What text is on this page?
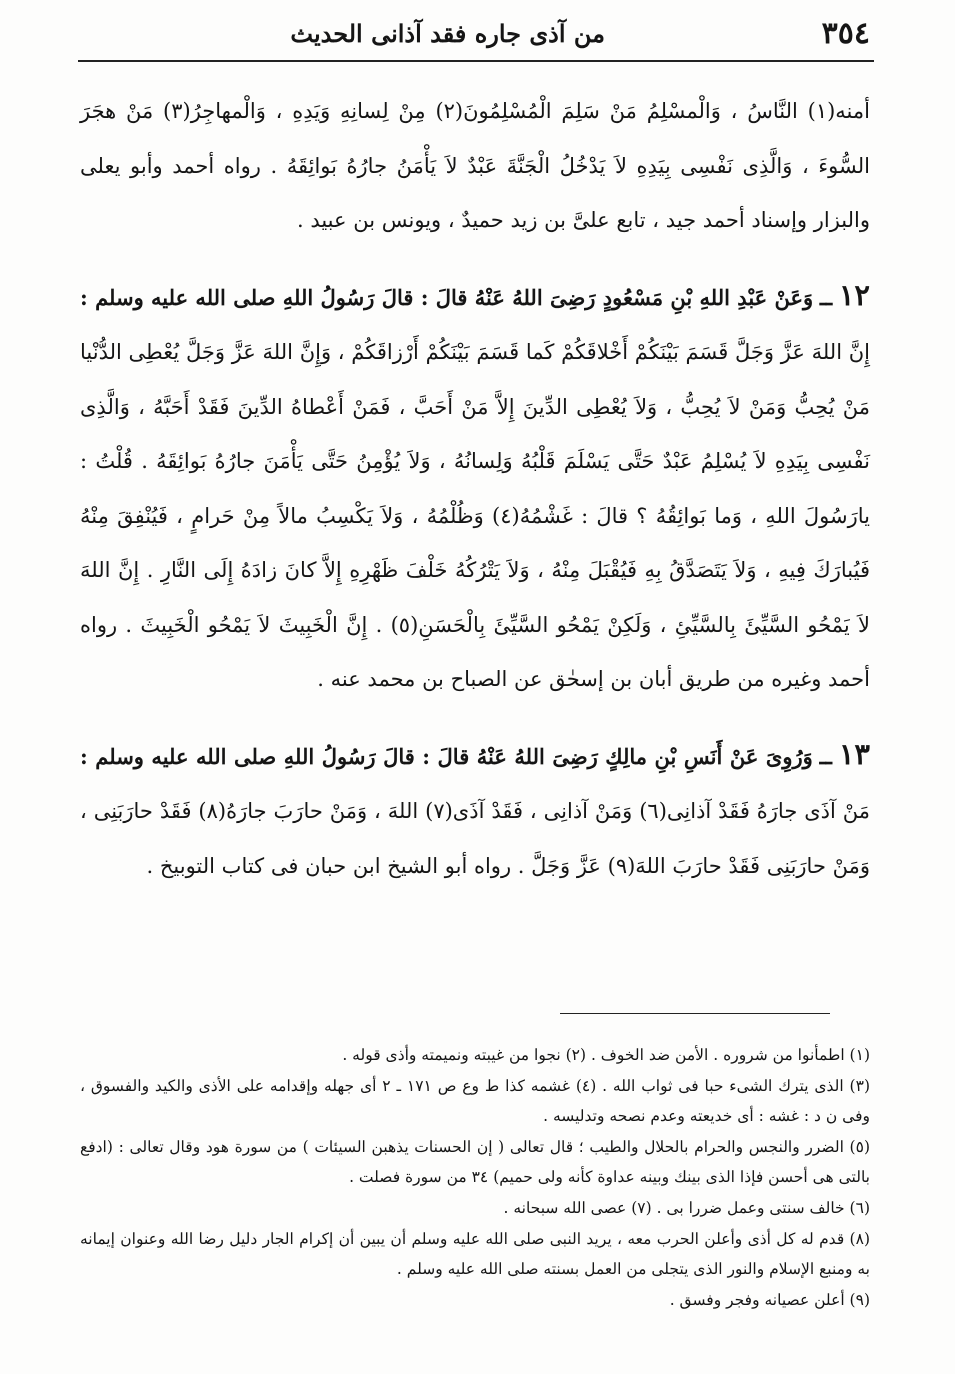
٣٥٤
من آذى جاره فقد آذانى الحديث

أمنه(١) النَّاسُ ، وَالْمسْلِمُ مَنْ سَلِمَ الْمُسْلِمُونَ(٢) مِنْ لِسانِهِ وَيَدِهِ ، وَالْمهاجِرُ(٣) مَنْ هجَرَ السُّوءَ ، وَالَّذِى نَفْسِى بِيَدِهِ لاَ يَدْخُلُ الْجَنَّةَ عَبْدٌ لاَ يَأْمَنُ جارُهُ بَوائِقَهُ . رواه أحمد وأبو يعلى والبزار وإسناد أحمد جيد ، تابع علىَّ بن زيد حميدٌ ، ويونس بن عبيد .

١٢ ــ وَعَنْ عَبْدِ اللهِ بْنِ مَسْعُودٍ رَضِىَ اللهُ عَنْهُ قالَ : قالَ رَسُولُ اللهِ صلى الله عليه وسلم : إِنَّ اللهَ عَزَّ وَجَلَّ قَسَمَ بَيْنَكُمْ أَخْلاقَكُمْ كَما قَسَمَ بَيْنَكُمْ أَرْزاقَكُمْ ، وَإِنَّ اللهَ عَزَّ وَجَلَّ يُعْطِى الدُّنْيا مَنْ يُحِبُّ وَمَنْ لاَ يُحِبُّ ، وَلاَ يُعْطِى الدِّينَ إِلاَّ مَنْ أَحَبَّ ، فَمَنْ أَعْطاهُ الدِّينَ فَقَدْ أَحَبَّهُ ، وَالَّذِى نَفْسِى بِيَدِهِ لاَ يُسْلِمُ عَبْدٌ حَتَّى يَسْلَمَ قَلْبُهُ وَلِسانُهُ ، وَلاَ يُؤْمِنُ حَتَّى يَأْمَنَ جارُهُ بَوائِقَهُ . قُلْتُ : يارَسُولَ اللهِ ، وَما بَوائِقُهُ ؟ قالَ : غَشْمُهُ(٤) وَظُلْمُهُ ، وَلاَ يَكْسِبُ مالاً مِنْ حَرامٍ ، فَيُنْفِقَ مِنْهُ فَيُبارَكَ فِيهِ ، وَلاَ يَتَصَدَّقُ بِهِ فَيُقْبَلَ مِنْهُ ، وَلاَ يَتْرُكُهُ خَلْفَ ظَهْرِهِ إِلاَّ كانَ زادَهُ إِلَى النَّارِ . إِنَّ اللهَ لاَ يَمْحُو السَّيِّئَ بِالسَّيِّئِ ، وَلَكِنْ يَمْحُو السَّيِّئَ بِالْحَسَنِ(٥) . إِنَّ الْخَبِيثَ لاَ يَمْحُو الْخَبِيثَ . رواه أحمد وغيره من طريق أبان بن إسحٰق عن الصباح بن محمد عنه .

١٣ ــ وَرُوِىَ عَنْ أَنَسِ بْنِ مالِكٍ رَضِىَ اللهُ عَنْهُ قالَ : قالَ رَسُولُ اللهِ صلى الله عليه وسلم : مَنْ آذَى جارَهُ فَقَدْ آذانِى(٦) وَمَنْ آذانِى ، فَقَدْ آذَى(٧) اللهَ ، وَمَنْ حارَبَ جارَهُ(٨) فَقَدْ حارَبَنِى ، وَمَنْ حارَبَنِى فَقَدْ حارَبَ اللهَ(٩) عَزَّ وَجَلَّ . رواه أبو الشيخ ابن حبان فى كتاب التوبيخ .

(١) اطمأنوا من شروره . الأمن ضد الخوف . (٢) نجوا من غيبته ونميمته وأذى قوله .

(٣) الذى يترك الشىء حبا فى ثواب الله . (٤) غشمه كذا ط وع ص ١٧١ ـ ٢ أى جهله وإقدامه على الأذى والكيد والفسوق ، وفى ن د : غشه : أى خديعته وعدم نصحه وتدليسه .

(٥) الضرر والنجس والحرام بالحلال والطيب ؛ قال تعالى ( إن الحسنات يذهبن السيئات ) من سورة هود وقال تعالى : (ادفع بالتى هى أحسن فإذا الذى بينك وبينه عداوة كأنه ولى حميم) ٣٤ من سورة فصلت .

(٦) خالف سنتى وعمل ضررا بى . (٧) عصى الله سبحانه .

(٨) قدم له كل أذى وأعلن الحرب معه ، يريد النبى صلى الله عليه وسلم أن يبين أن إكرام الجار دليل رضا الله وعنوان إيمانه به ومنبع الإسلام والنور الذى يتجلى من العمل بسنته صلى الله عليه وسلم .

(٩) أعلن عصيانه وفجر وفسق .
